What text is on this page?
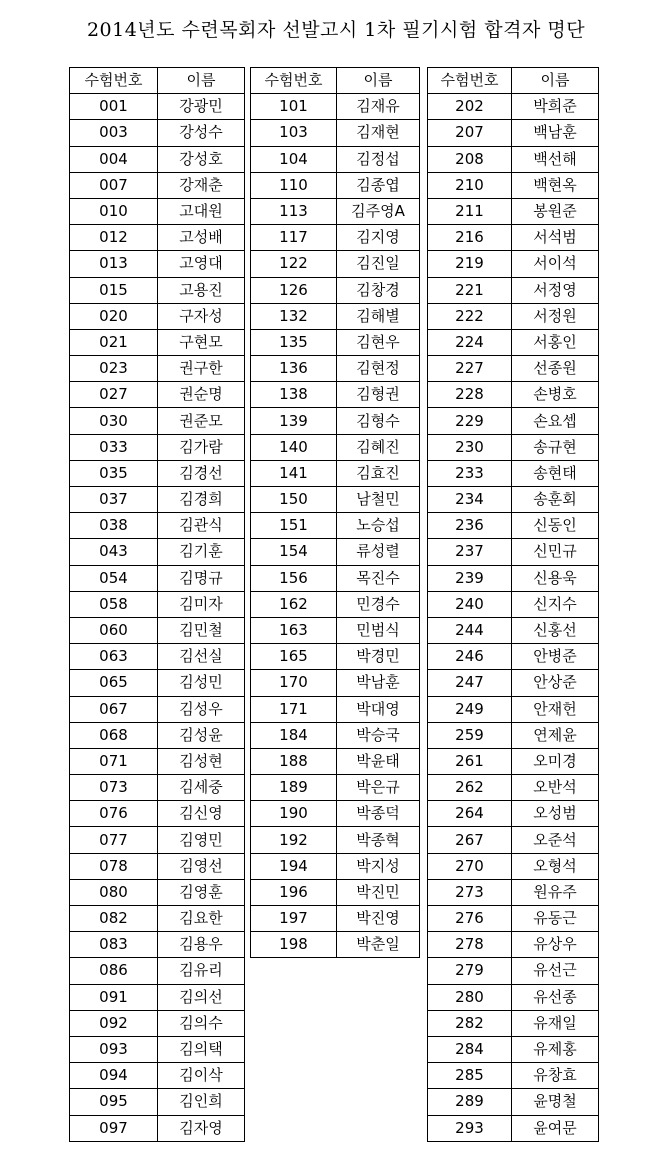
2014년도 수련목회자 선발고시 1차 필기시험 합격자 명단
수험번호	이름
001	강광민
003	강성수
004	강성호
007	강재춘
010	고대원
012	고성배
013	고영대
015	고용진
020	구자성
021	구현모
023	권구한
027	권순명
030	권준모
033	김가람
035	김경선
037	김경희
038	김관식
043	김기훈
054	김명규
058	김미자
060	김민철
063	김선실
065	김성민
067	김성우
068	김성윤
071	김성현
073	김세중
076	김신영
077	김영민
078	김영선
080	김영훈
082	김요한
083	김용우
086	김유리
091	김의선
092	김의수
093	김의택
094	김이삭
095	김인희
097	김자영
수험번호	이름
101	김재유
103	김재현
104	김정섭
110	김종엽
113	김주영A
117	김지영
122	김진일
126	김창경
132	김해별
135	김현우
136	김현정
138	김형권
139	김형수
140	김혜진
141	김효진
150	남철민
151	노승섭
154	류성렬
156	목진수
162	민경수
163	민범식
165	박경민
170	박남훈
171	박대영
184	박승국
188	박윤태
189	박은규
190	박종덕
192	박종혁
194	박지성
196	박진민
197	박진영
198	박춘일
수험번호	이름
202	박희준
207	백남훈
208	백선해
210	백현옥
211	봉원준
216	서석범
219	서이석
221	서정영
222	서정원
224	서홍인
227	선종원
228	손병호
229	손요셉
230	송규현
233	송현태
234	송훈회
236	신동인
237	신민규
239	신용욱
240	신지수
244	신홍선
246	안병준
247	안상준
249	안재헌
259	연제윤
261	오미경
262	오반석
264	오성범
267	오준석
270	오형석
273	원유주
276	유동근
278	유상우
279	유선근
280	유선종
282	유재일
284	유제홍
285	유창효
289	윤명철
293	윤여문
